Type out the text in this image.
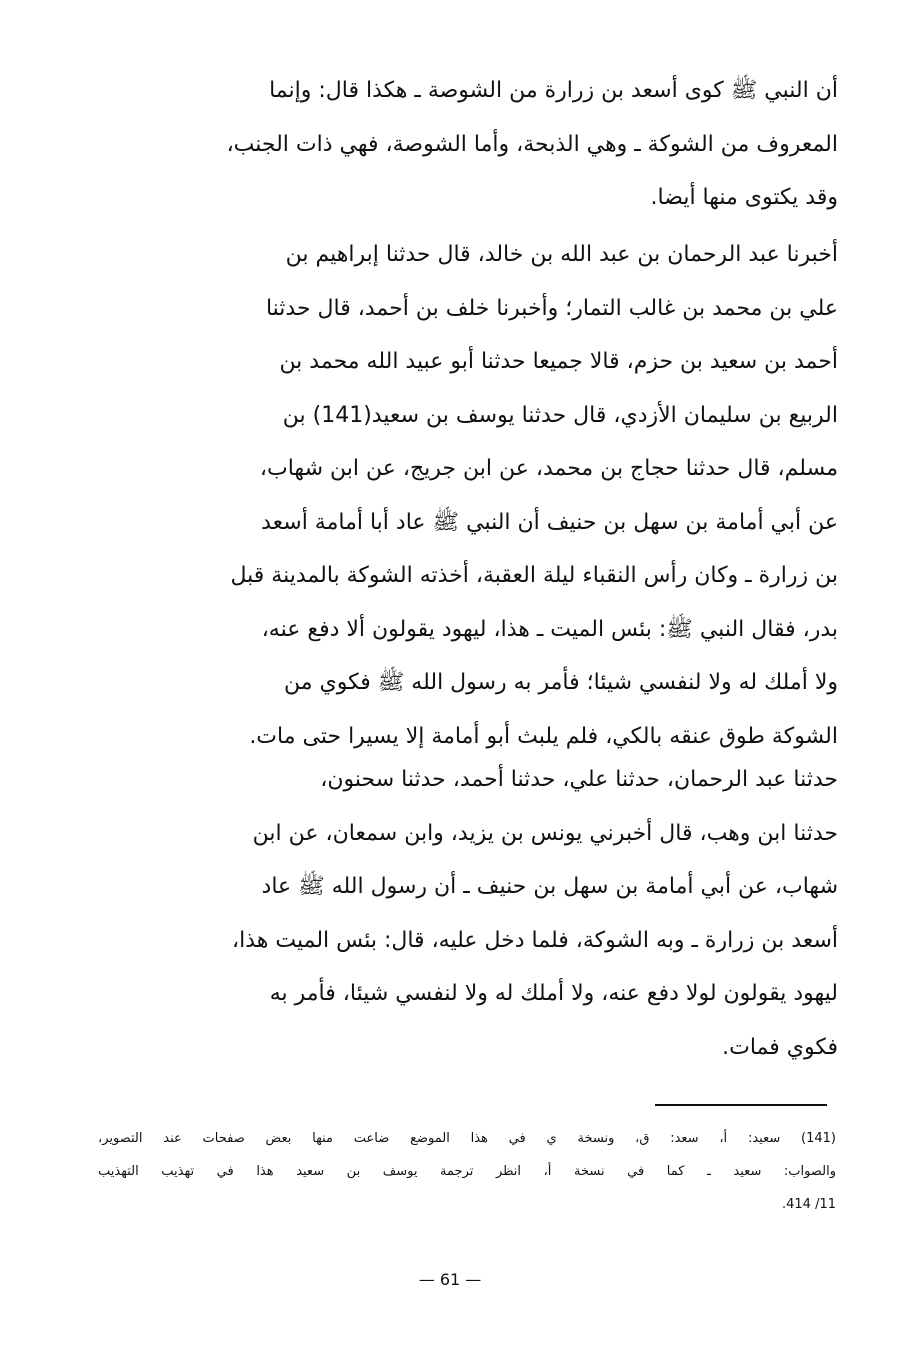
أن النبي ﷺ كوى أسعد بن زرارة من الشوصة ـ هكذا قال: وإنما
المعروف من الشوكة ـ وهي الذبحة، وأما الشوصة، فهي ذات الجنب،
وقد يكتوى منها أيضا.
أخبرنا عبد الرحمان بن عبد الله بن خالد، قال حدثنا إبراهيم بن
علي بن محمد بن غالب التمار؛ وأخبرنا خلف بن أحمد، قال حدثنا
أحمد بن سعيد بن حزم، قالا جميعا حدثنا أبو عبيد الله محمد بن
الربيع بن سليمان الأزدي، قال حدثنا يوسف بن سعيد(141) بن
مسلم، قال حدثنا حجاج بن محمد، عن ابن جريج، عن ابن شهاب،
عن أبي أمامة بن سهل بن حنيف أن النبي ﷺ عاد أبا أمامة أسعد
بن زرارة ـ وكان رأس النقباء ليلة العقبة، أخذته الشوكة بالمدينة قبل
بدر، فقال النبي ﷺ: بئس الميت ـ هذا، ليهود يقولون ألا دفع عنه،
ولا أملك له ولا لنفسي شيئا؛ فأمر به رسول الله ﷺ فكوي من
الشوكة طوق عنقه بالكي، فلم يلبث أبو أمامة إلا يسيرا حتى مات.
حدثنا عبد الرحمان، حدثنا علي، حدثنا أحمد، حدثنا سحنون،
حدثنا ابن وهب، قال أخبرني يونس بن يزيد، وابن سمعان، عن ابن
شهاب، عن أبي أمامة بن سهل بن حنيف ـ أن رسول الله ﷺ عاد
أسعد بن زرارة ـ وبه الشوكة، فلما دخل عليه، قال: بئس الميت هذا،
ليهود يقولون لولا دفع عنه، ولا أملك له ولا لنفسي شيئا، فأمر به
فكوي فمات.
(141) سعيد: أ، سعد: ق، ونسخة ي في هذا الموضع ضاعت منها بعض صفحات عند التصوير،
والصواب: سعيد ـ كما في نسخة أ، انظر ترجمة يوسف بن سعيد هذا في تهذيب التهذيب
11/ 414.
— 61 —
